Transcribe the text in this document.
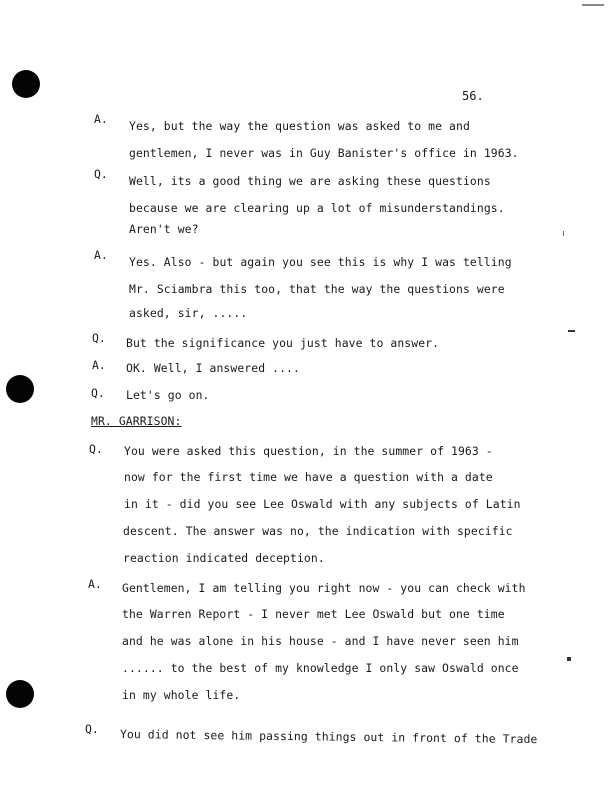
56.
A. Yes, but the way the question was asked to me and
gentlemen, I never was in Guy Banister's office in 1963.
Q. Well, its a good thing we are asking these questions
because we are clearing up a lot of misunderstandings.
Aren't we?
A. Yes. Also - but again you see this is why I was telling
Mr. Sciambra this too, that the way the questions were
asked, sir, .....
Q. But the significance you just have to answer.
A. OK. Well, I answered ....
Q. Let's go on.
MR. GARRISON:
Q. You were asked this question, in the summer of 1963 -
now for the first time we have a question with a date
in it - did you see Lee Oswald with any subjects of Latin
descent. The answer was no, the indication with specific
reaction indicated deception.
A. Gentlemen, I am telling you right now - you can check with
the Warren Report - I never met Lee Oswald but one time
and he was alone in his house - and I have never seen him
...... to the best of my knowledge I only saw Oswald once
in my whole life.
Q. You did not see him passing things out in front of the Trade
